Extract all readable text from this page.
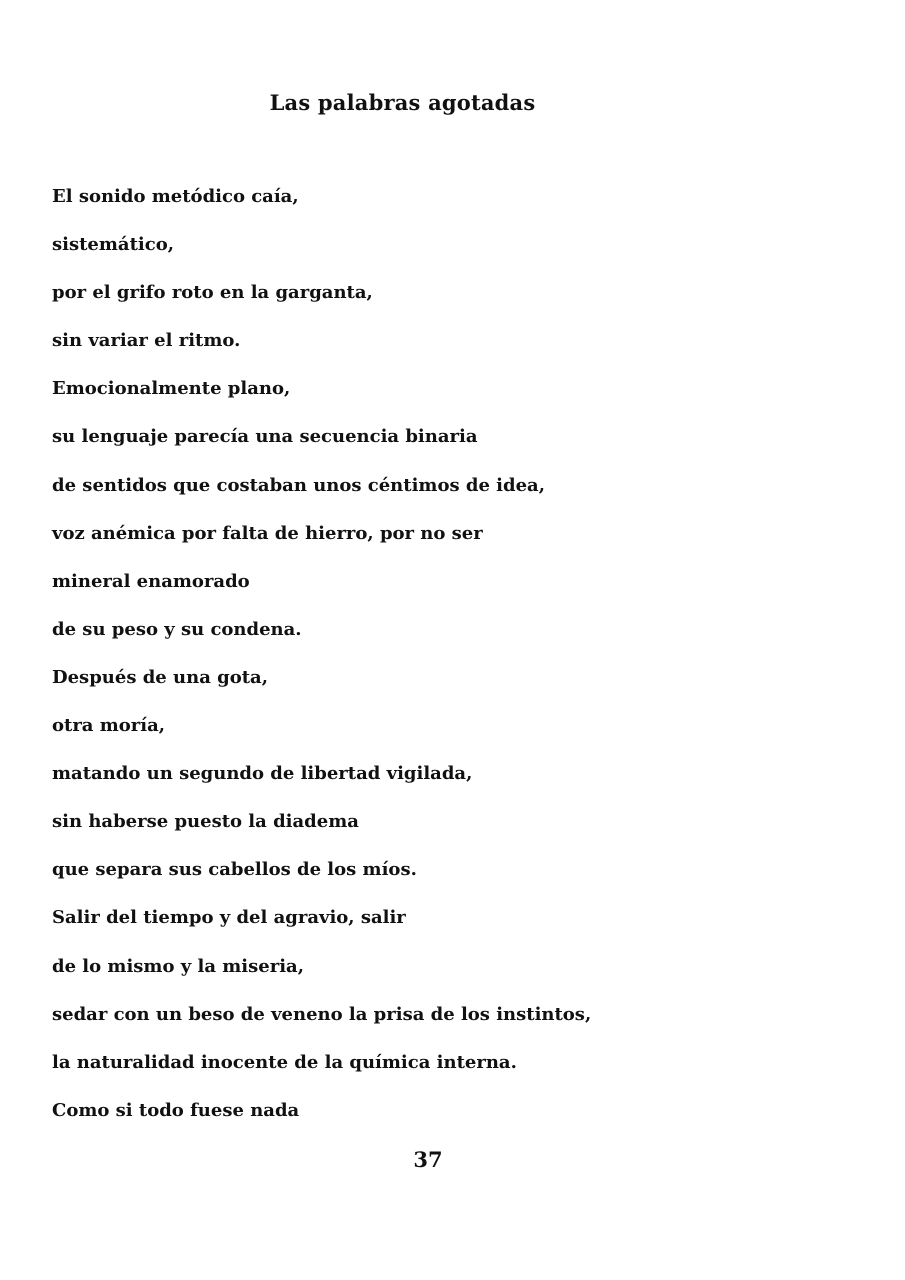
Las palabras agotadas
El sonido metódico caía,
sistemático,
por el grifo roto en la garganta,
sin variar el ritmo.
Emocionalmente plano,
su lenguaje parecía una secuencia binaria
de sentidos que costaban unos céntimos de idea,
voz anémica por falta de hierro, por no ser
mineral enamorado
de su peso y su condena.
Después de una gota,
otra moría,
matando un segundo de libertad vigilada,
sin haberse puesto la diadema
que separa sus cabellos de los míos.
Salir del tiempo y del agravio, salir
de lo mismo y la miseria,
sedar con un beso de veneno la prisa de los instintos,
la naturalidad inocente de la química interna.
Como si todo fuese nada
37
